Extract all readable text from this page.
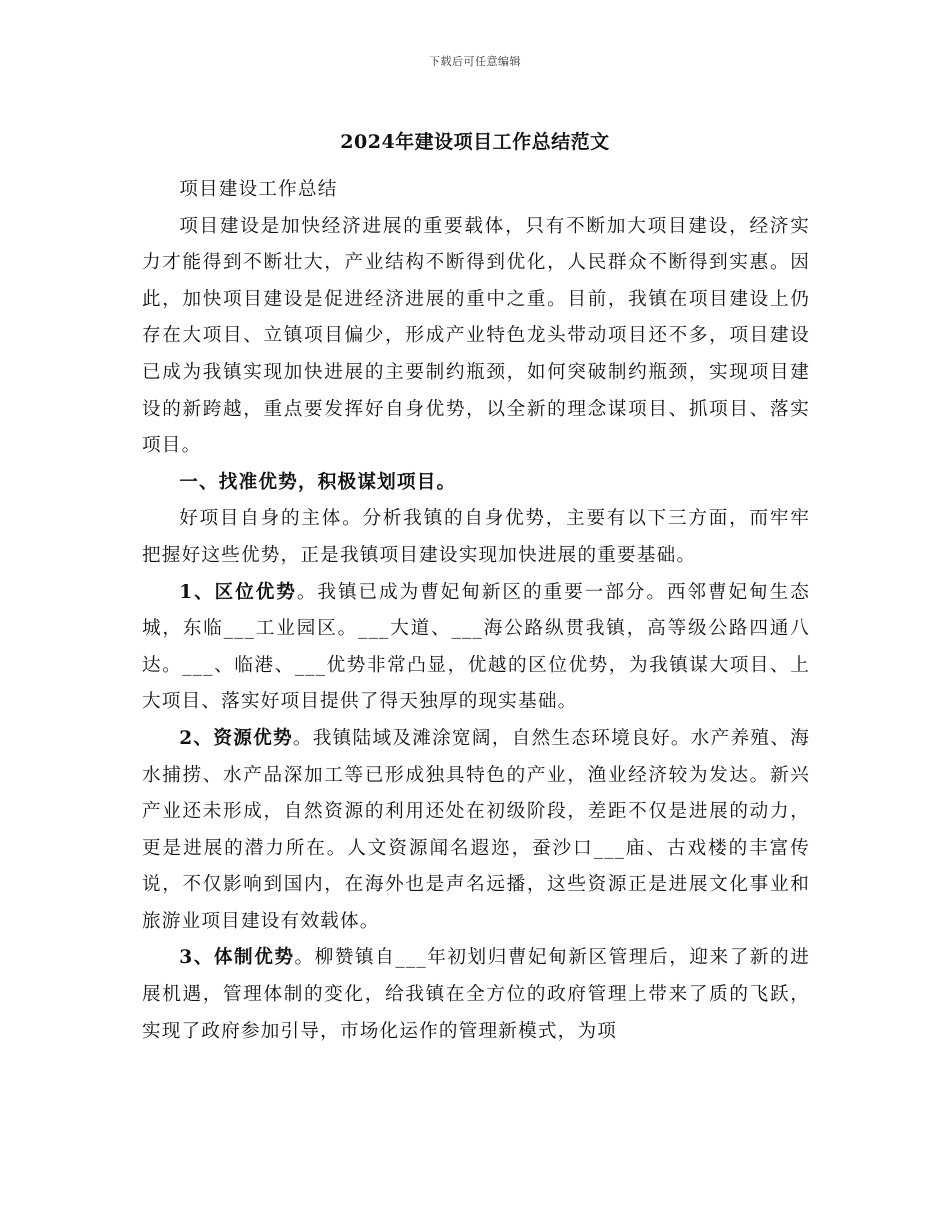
下载后可任意编辑
2024年建设项目工作总结范文

项目建设工作总结

项目建设是加快经济进展的重要载体，只有不断加大项目建设，经济实力才能得到不断壮大，产业结构不断得到优化，人民群众不断得到实惠。因此，加快项目建设是促进经济进展的重中之重。目前，我镇在项目建设上仍存在大项目、立镇项目偏少，形成产业特色龙头带动项目还不多，项目建设已成为我镇实现加快进展的主要制约瓶颈，如何突破制约瓶颈，实现项目建设的新跨越，重点要发挥好自身优势，以全新的理念谋项目、抓项目、落实项目。

一、找准优势，积极谋划项目。

好项目自身的主体。分析我镇的自身优势，主要有以下三方面，而牢牢把握好这些优势，正是我镇项目建设实现加快进展的重要基础。

1、区位优势。我镇已成为曹妃甸新区的重要一部分。西邻曹妃甸生态城，东临___工业园区。___大道、___海公路纵贯我镇，高等级公路四通八达。___、临港、___优势非常凸显，优越的区位优势，为我镇谋大项目、上大项目、落实好项目提供了得天独厚的现实基础。

2、资源优势。我镇陆域及滩涂宽阔，自然生态环境良好。水产养殖、海水捕捞、水产品深加工等已形成独具特色的产业，渔业经济较为发达。新兴产业还未形成，自然资源的利用还处在初级阶段，差距不仅是进展的动力，更是进展的潜力所在。人文资源闻名遐迩，蚕沙口___庙、古戏楼的丰富传说，不仅影响到国内，在海外也是声名远播，这些资源正是进展文化事业和旅游业项目建设有效载体。

3、体制优势。柳赞镇自___年初划归曹妃甸新区管理后，迎来了新的进展机遇，管理体制的变化，给我镇在全方位的政府管理上带来了质的飞跃，实现了政府参加引导，市场化运作的管理新模式，为项
